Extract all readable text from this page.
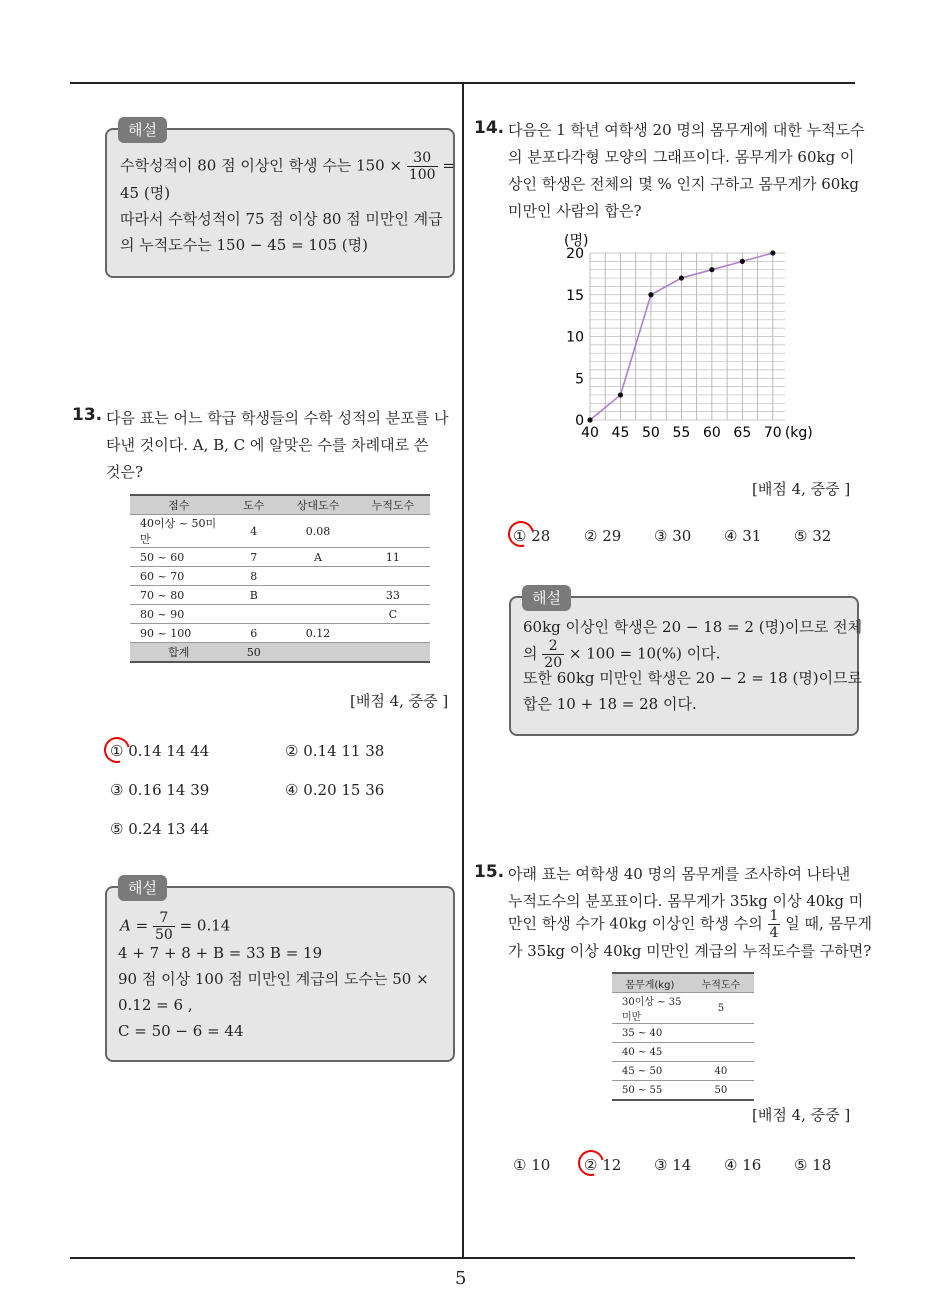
5
해설
수학성적이 80 점 이상인 학생 수는 $150 \times \frac{30}{100}$ =
45 (명)
따라서 수학성적이 75 점 이상 80 점 미만인 계급
의 누적도수는 150 − 45 = 105 (명)
13. 다음 표는 어느 학급 학생들의 수학 성적의 분포를 나
타낸 것이다. A, B, C 에 알맞은 수를 차례대로 쓴
것은?
점수	도수	상대도수	누적도수
40이상 ~ 50미만	4	0.08	
50 ~ 60	7	A	11
60 ~ 70	8		
70 ~ 80	B		33
80 ~ 90			C
90 ~ 100	6	0.12	
합계	50		
[배점 4, 중중 ]
① 0.14 14 44	② 0.14 11 38
③ 0.16 14 39	④ 0.20 15 36
⑤ 0.24 13 44
해설
$A = \frac{7}{50} = 0.14$
4 + 7 + 8 + B = 33 B = 19
90 점 이상 100 점 미만인 계급의 도수는 50 ×
0.12 = 6 ,
C = 50 − 6 = 44
14. 다음은 1 학년 여학생 20 명의 몸무게에 대한 누적도수
의 분포다각형 모양의 그래프이다. 몸무게가 60kg 이
상인 학생은 전체의 몇 % 인지 구하고 몸무게가 60kg
미만인 사람의 합은?
(명)
0
5
10
15
20
40 45 50 55 60 65 70 (kg)
[배점 4, 중중 ]
① 28 ② 29 ③ 30 ④ 31 ⑤ 32
해설
60kg 이상인 학생은 20 − 18 = 2 (명)이므로 전체
의 $\frac{2}{20} \times 100 = 10(\%)$ 이다.
또한 60kg 미만인 학생은 20 − 2 = 18 (명)이므로
합은 10 + 18 = 28 이다.
15. 아래 표는 여학생 40 명의 몸무게를 조사하여 나타낸
누적도수의 분포표이다. 몸무게가 35kg 이상 40kg 미
만인 학생 수가 40kg 이상인 학생 수의 $\frac{1}{4}$ 일 때, 몸무게
가 35kg 이상 40kg 미만인 계급의 누적도수를 구하면?
몸무게(kg)	누적도수
30이상 ~ 35미만	5
35 ~ 40	
40 ~ 45	
45 ~ 50	40
50 ~ 55	50
[배점 4, 중중 ]
① 10 ② 12 ③ 14 ④ 16 ⑤ 18
